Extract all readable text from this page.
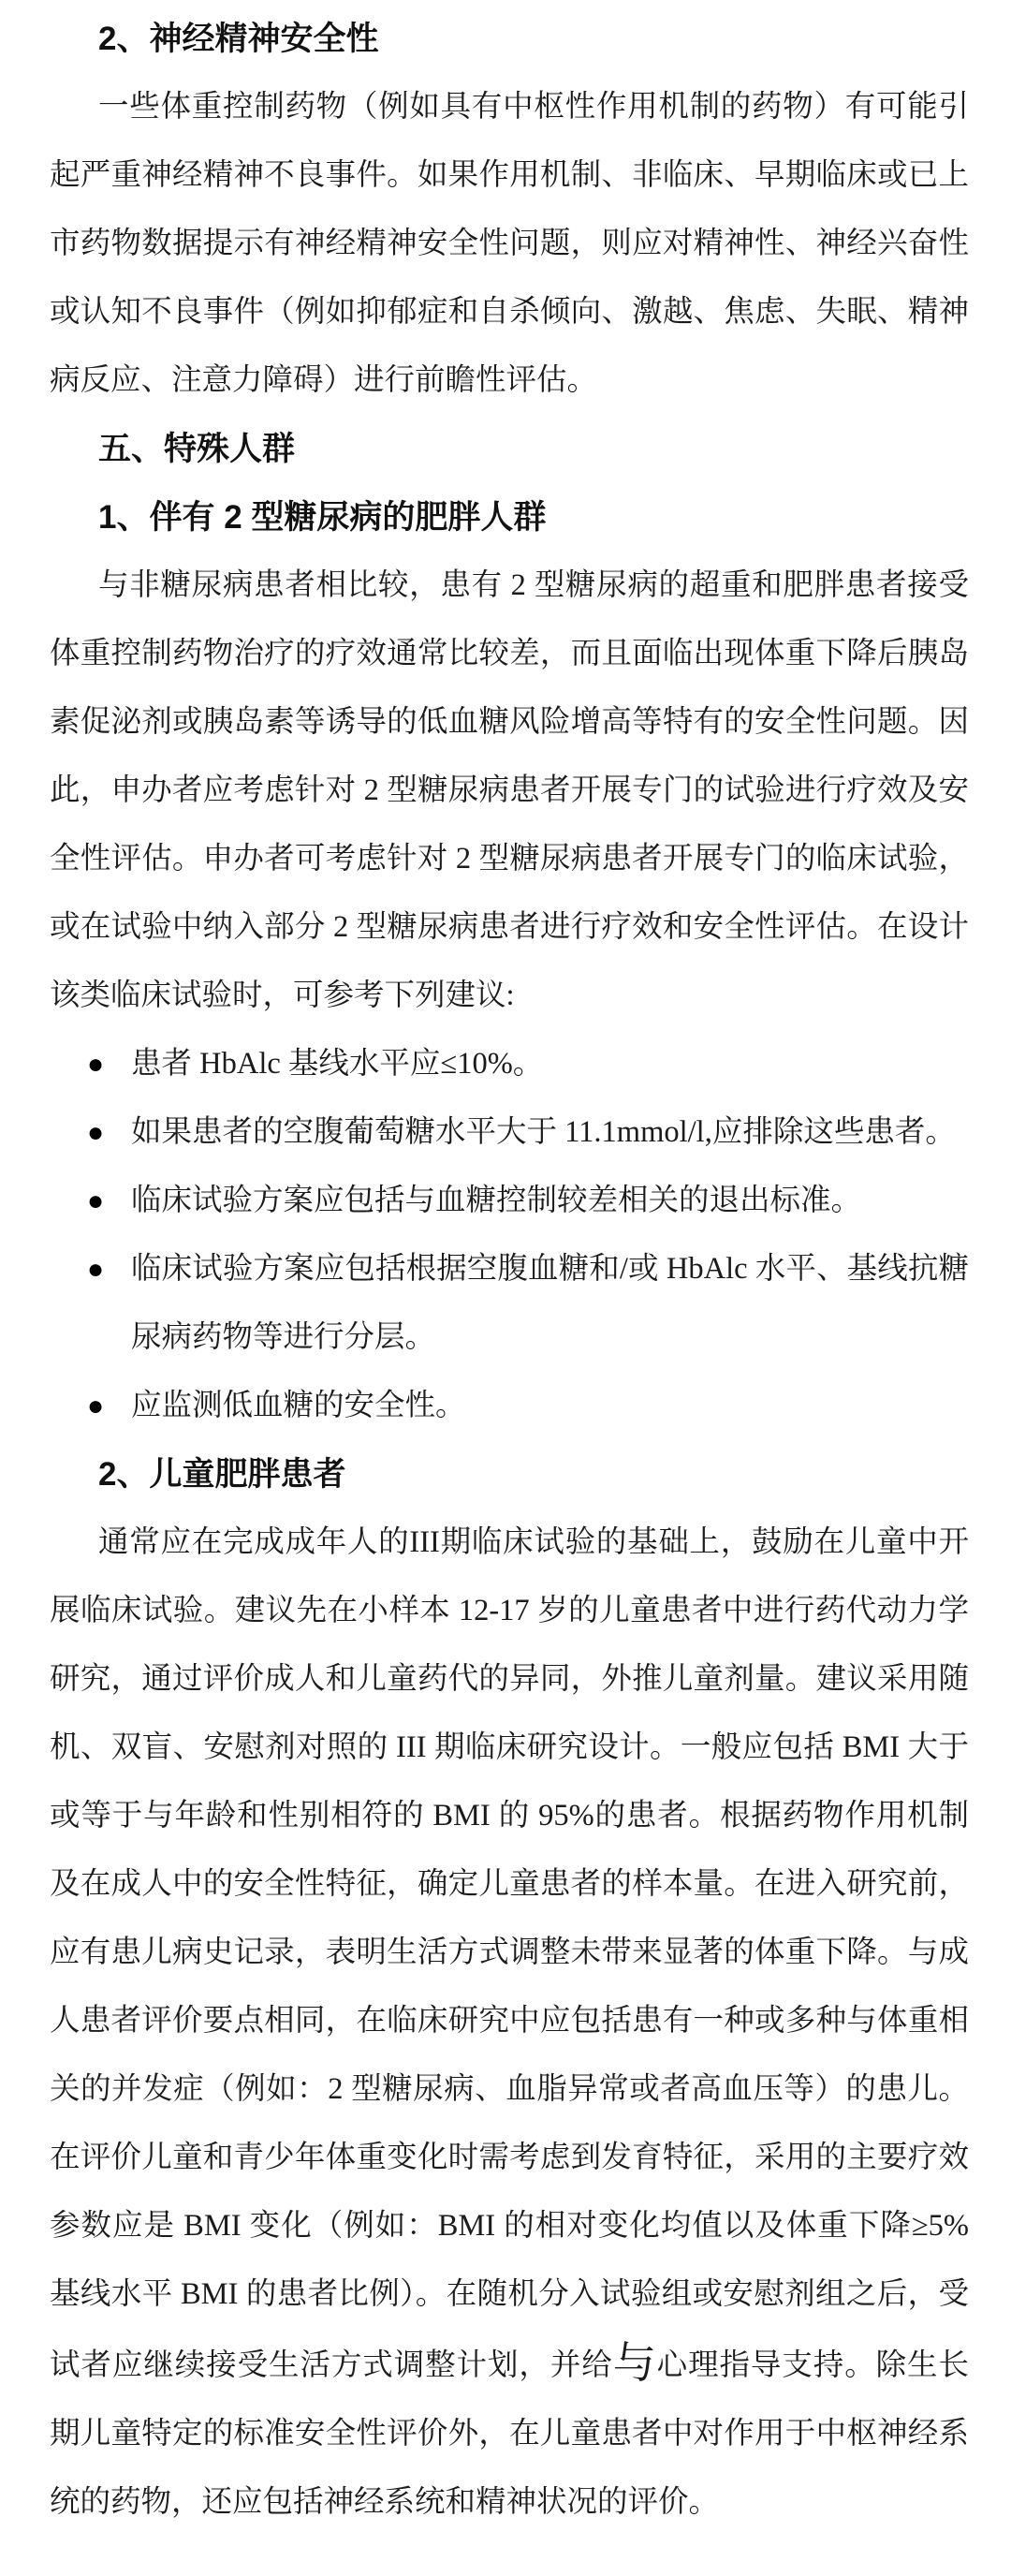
2、神经精神安全性

一些体重控制药物（例如具有中枢性作用机制的药物）有可能引起严重神经精神不良事件。如果作用机制、非临床、早期临床或已上市药物数据提示有神经精神安全性问题，则应对精神性、神经兴奋性或认知不良事件（例如抑郁症和自杀倾向、激越、焦虑、失眠、精神病反应、注意力障碍）进行前瞻性评估。

五、特殊人群
1、伴有 2 型糖尿病的肥胖人群

与非糖尿病患者相比较，患有 2 型糖尿病的超重和肥胖患者接受体重控制药物治疗的疗效通常比较差，而且面临出现体重下降后胰岛素促泌剂或胰岛素等诱导的低血糖风险增高等特有的安全性问题。因此，申办者应考虑针对 2 型糖尿病患者开展专门的试验进行疗效及安全性评估。申办者可考虑针对 2 型糖尿病患者开展专门的临床试验，或在试验中纳入部分 2 型糖尿病患者进行疗效和安全性评估。在设计该类临床试验时，可参考下列建议:

● 患者 HbAlc 基线水平应≤10%。
● 如果患者的空腹葡萄糖水平大于 11.1mmol/l,应排除这些患者。
● 临床试验方案应包括与血糖控制较差相关的退出标准。
● 临床试验方案应包括根据空腹血糖和/或 HbAlc 水平、基线抗糖尿病药物等进行分层。
● 应监测低血糖的安全性。
2、儿童肥胖患者

通常应在完成成年人的III期临床试验的基础上，鼓励在儿童中开展临床试验。建议先在小样本 12-17 岁的儿童患者中进行药代动力学研究，通过评价成人和儿童药代的异同，外推儿童剂量。建议采用随机、双盲、安慰剂对照的 III 期临床研究设计。一般应包括 BMI 大于或等于与年龄和性别相符的 BMI 的 95%的患者。根据药物作用机制及在成人中的安全性特征，确定儿童患者的样本量。在进入研究前，应有患儿病史记录，表明生活方式调整未带来显著的体重下降。与成人患者评价要点相同，在临床研究中应包括患有一种或多种与体重相关的并发症（例如：2 型糖尿病、血脂异常或者高血压等）的患儿。在评价儿童和青少年体重变化时需考虑到发育特征，采用的主要疗效参数应是 BMI 变化（例如：BMI 的相对变化均值以及体重下降≥5%基线水平 BMI 的患者比例）。在随机分入试验组或安慰剂组之后，受试者应继续接受生活方式调整计划，并给与心理指导支持。除生长期儿童特定的标准安全性评价外，在儿童患者中对作用于中枢神经系统的药物，还应包括神经系统和精神状况的评价。
